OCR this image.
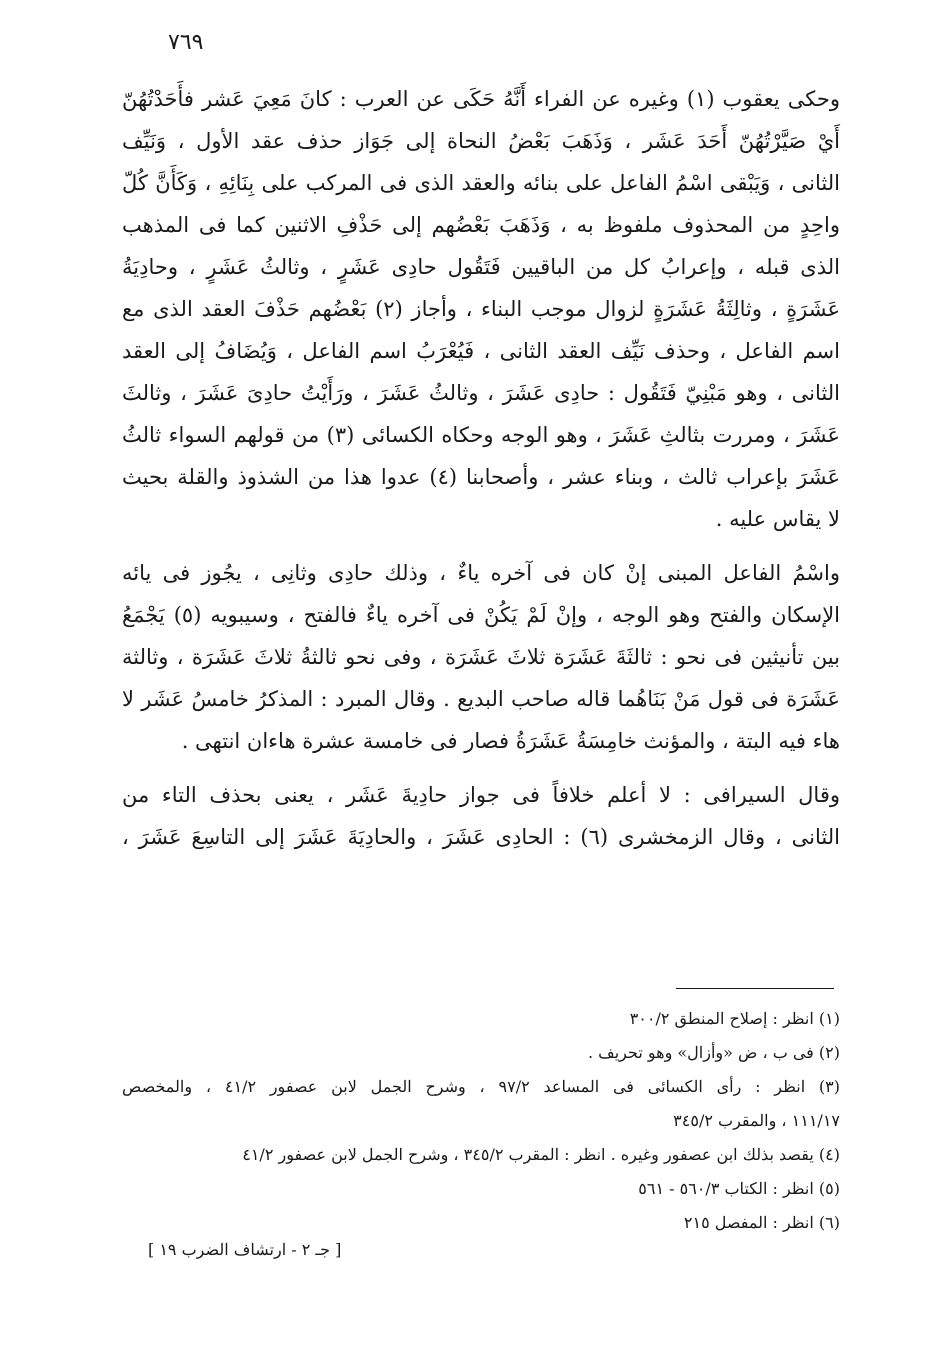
٧٦٩
وحكى يعقوب (١) وغيره عن الفراء أَنَّهُ حَكَى عن العرب : كانَ مَعِيَ عَشر فأَحَدْتُهُنّ
أَيْ صَيَّرْتُهُنّ أَحَدَ عَشَر ، وَذَهَبَ بَعْضُ النحاة إلى جَوَاز حذف عقد الأول ، وَنَيِّف
الثانى ، وَيَبْقى اسْمُ الفاعل على بنائه والعقد الذى فى المركب على بِنَائِهِ ، وَكَأَنَّ كُلّ
واحِدٍ من المحذوف ملفوظ به ، وَذَهَبَ بَعْضُهم إلى حَذْفِ الاثنين كما فى المذهب
الذى قبله ، وإعرابُ كل من الباقيين فَتَقُول حادِى عَشَرٍ ، وثالثُ عَشَرٍ ، وحادِيَةُ
عَشَرَةٍ ، وثالِثَةُ عَشَرَةٍ لزوال موجب البناء ، وأجاز (٢) بَعْضُهم حَذْفَ العقد الذى مع
اسم الفاعل ، وحذف نَيِّف العقد الثانى ، فَيُعْرَبُ اسم الفاعل ، وَيُضَافُ إلى العقد
الثانى ، وهو مَبْنِيّ فَتَقُول : حادِى عَشَرَ ، وثالثُ عَشَرَ ، ورَأَيْتُ حادِىَ عَشَرَ ، وثالثَ
عَشَرَ ، ومررت بثالثِ عَشَرَ ، وهو الوجه وحكاه الكسائى (٣) من قولهم السواء ثالثُ
عَشَرَ بإعراب ثالث ، وبناء عشر ، وأصحابنا (٤) عدوا هذا من الشذوذ والقلة بحيث
لا يقاس عليه .
واسْمُ الفاعل المبنى إنْ كان فى آخره ياءٌ ، وذلك حادِى وثانِى ، يجُوز فى يائه
الإسكان والفتح وهو الوجه ، وإنْ لَمْ يَكُنْ فى آخره ياءٌ فالفتح ، وسيبويه (٥) يَجْمَعُ
بين تأنيثين فى نحو : ثالثَةَ عَشَرَة ثلاثَ عَشَرَة ، وفى نحو ثالثةُ ثلاثَ عَشَرَة ، وثالثة
عَشَرَة فى قول مَنْ بَنَاهُما قاله صاحب البديع . وقال المبرد : المذكرُ خامسُ عَشَر لا
هاء فيه البتة ، والمؤنث خامِسَةُ عَشَرَةُ فصار فى خامسة عشرة هاءان انتهى .
وقال السيرافى : لا أعلم خلافاً فى جواز حادِيةَ عَشَر ، يعنى بحذف التاء من
الثانى ، وقال الزمخشرى (٦) : الحادِى عَشَرَ ، والحادِيَةَ عَشَرَ إلى التاسِعَ عَشَرَ ،
(١) انظر : إصلاح المنطق ٣٠٠/٢
(٢) فى ب ، ض «وأزال» وهو تحريف .
(٣) انظر : رأى الكسائى فى المساعد ٩٧/٢ ، وشرح الجمل لابن عصفور ٤١/٢ ، والمخصص
١١١/١٧ ، والمقرب ٣٤٥/٢
(٤) يقصد بذلك ابن عصفور وغيره . انظر : المقرب ٣٤٥/٢ ، وشرح الجمل لابن عصفور ٤١/٢
(٥) انظر : الكتاب ٥٦٠/٣ - ٥٦١
(٦) انظر : المفصل ٢١٥
[ جـ ٢ - ارتشاف الضرب ١٩ ]
